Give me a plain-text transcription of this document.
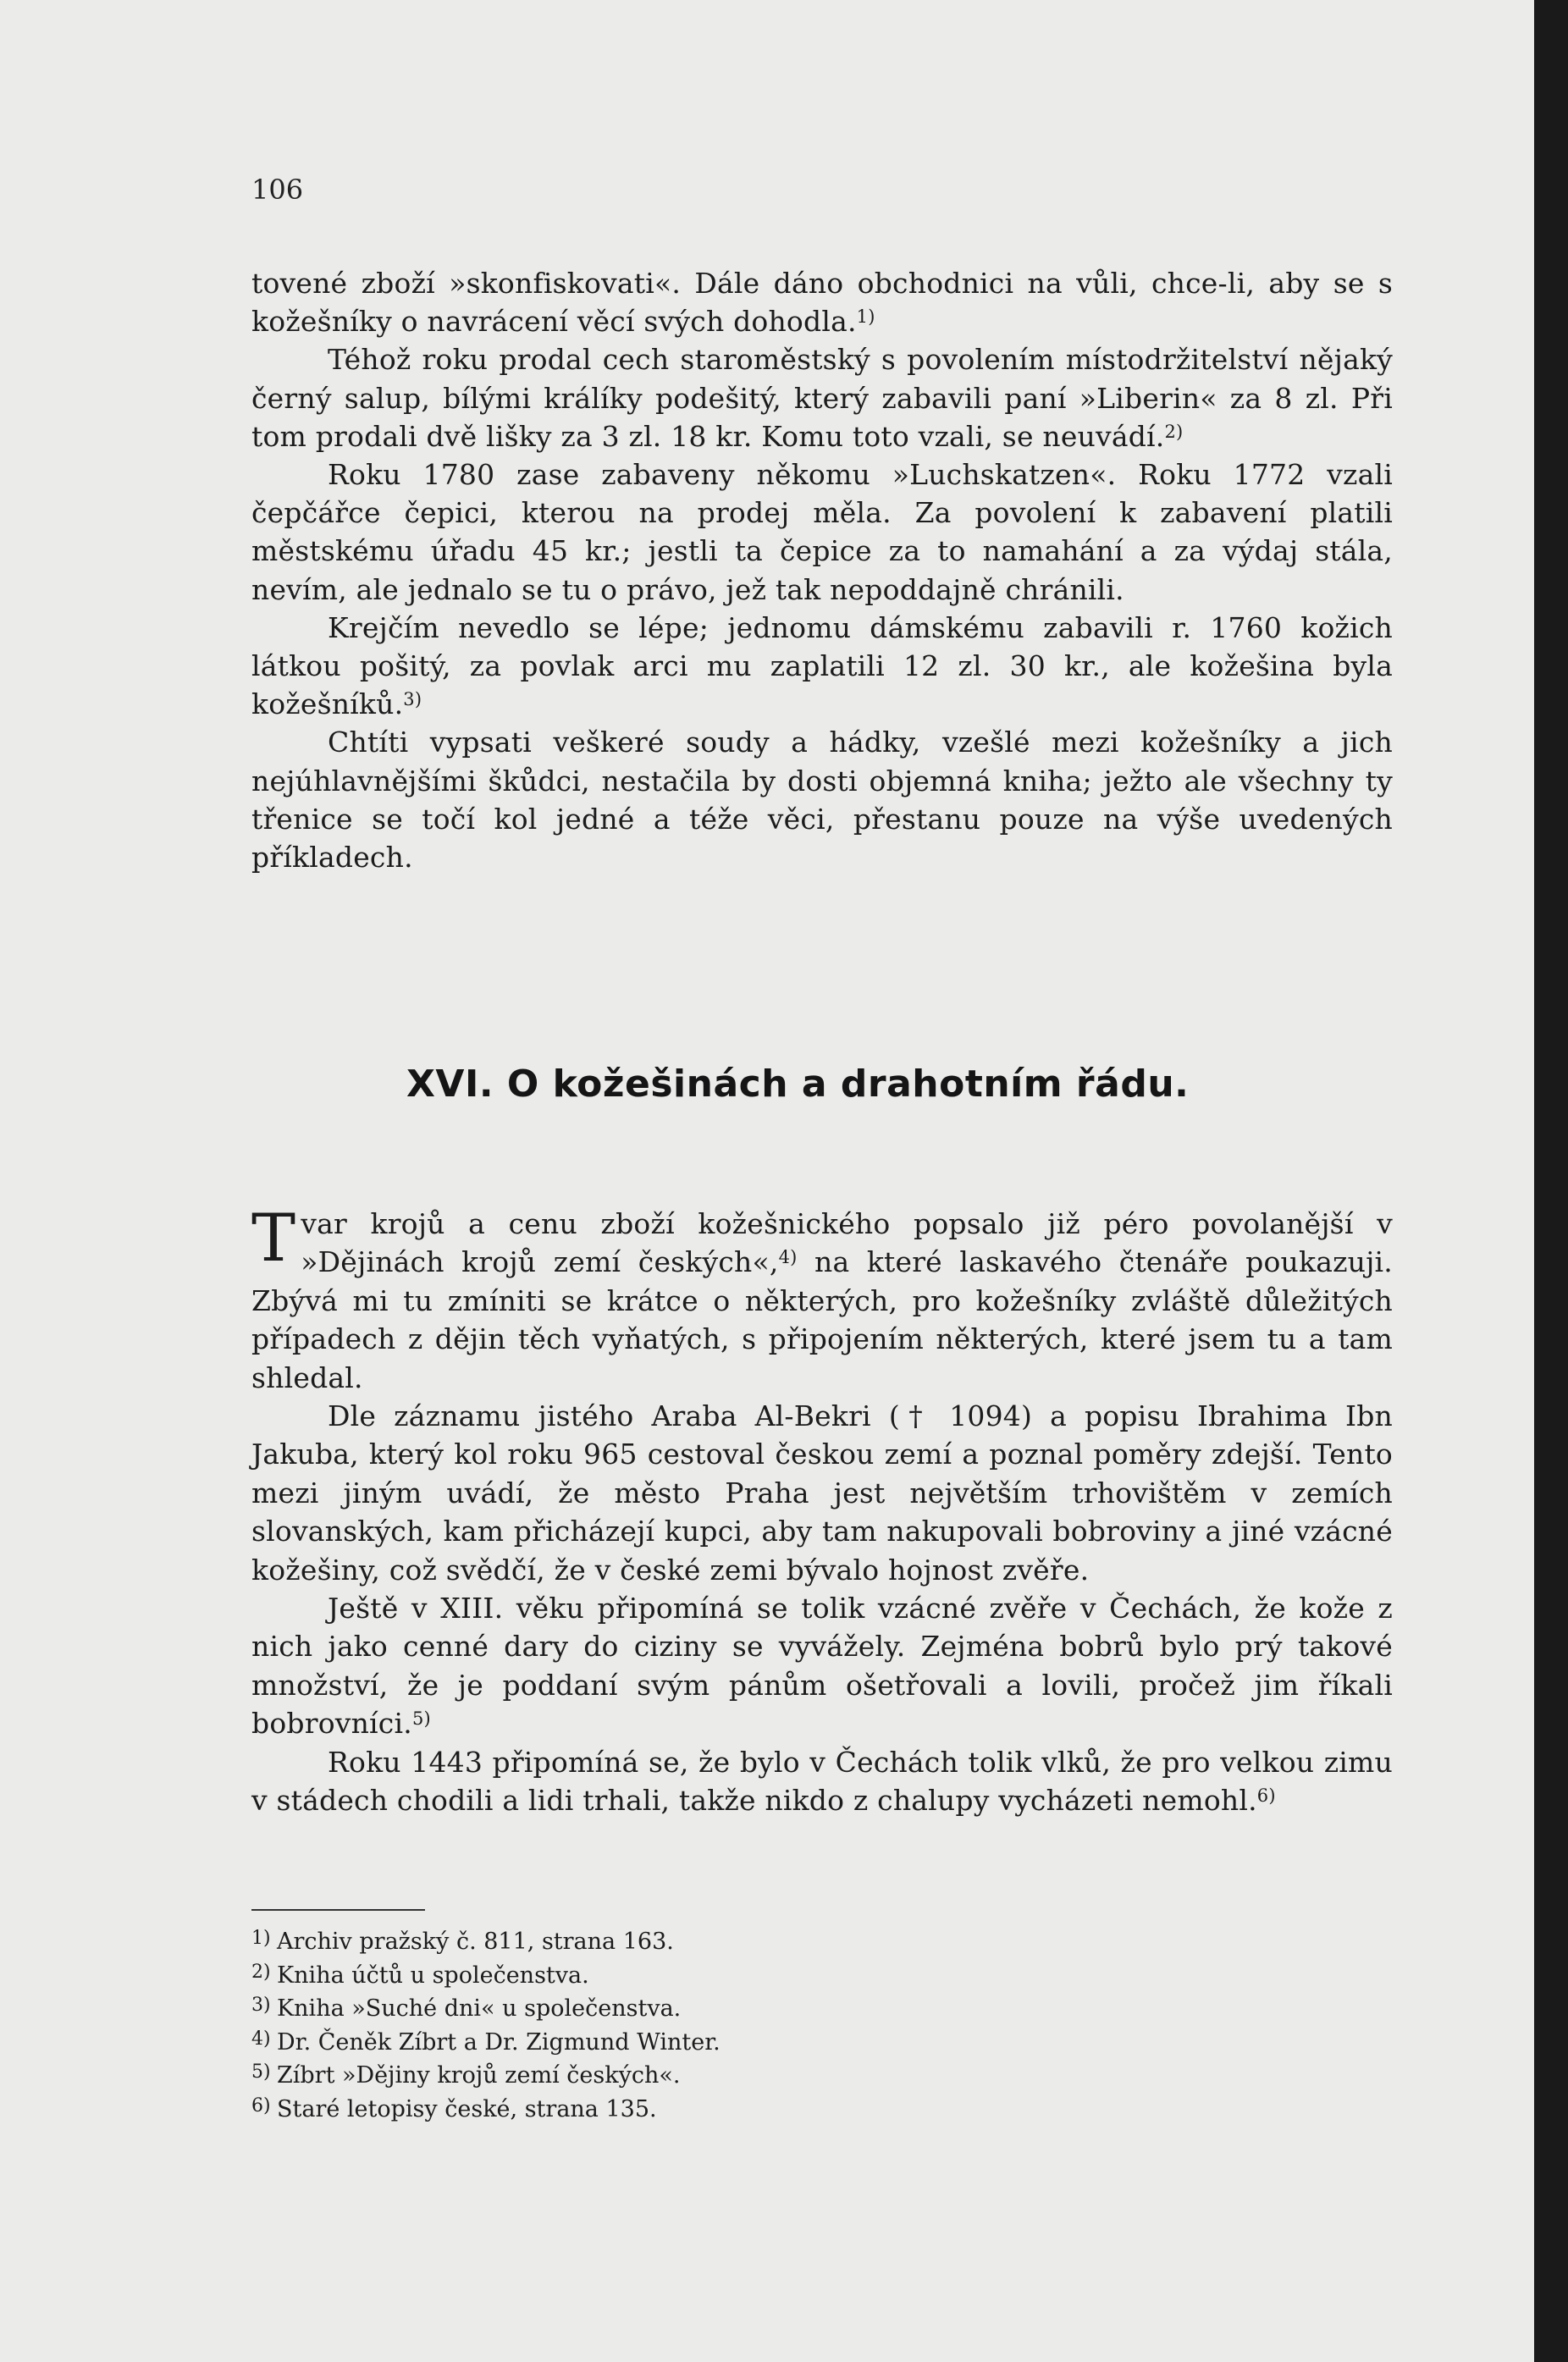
106

tovené zboží »skonfiskovati«. Dále dáno obchodnici na vůli, chce-li, aby se s kožešníky o navrácení věcí svých dohodla.$^{1)}$

Téhož roku prodal cech staroměstský s povolením místodržitelství nějaký černý salup, bílými králíky podešitý, který zabavili paní »Liberin« za 8 zl. Při tom prodali dvě lišky za 3 zl. 18 kr. Komu toto vzali, se neuvádí.$^{2)}$

Roku 1780 zase zabaveny někomu »Luchskatzen«. Roku 1772 vzali čepčářce čepici, kterou na prodej měla. Za povolení k zabavení platili městskému úřadu 45 kr.; jestli ta čepice za to namahání a za výdaj stála, nevím, ale jednalo se tu o právo, jež tak nepoddajně chránili.

Krejčím nevedlo se lépe; jednomu dámskému zabavili r. 1760 kožich látkou pošitý, za povlak arci mu zaplatili 12 zl. 30 kr., ale kožešina byla kožešníků.$^{3)}$

Chtíti vypsati veškeré soudy a hádky, vzešlé mezi kožešníky a jich nejúhlavnějšími škůdci, nestačila by dosti objemná kniha; ježto ale všechny ty třenice se točí kol jedné a téže věci, přestanu pouze na výše uvedených příkladech.

XVI. O kožešinách a drahotním řádu.

Tvar krojů a cenu zboží kožešnického popsalo již péro povolanější v »Dějinách krojů zemí českých«,$^{4)}$ na které laskavého čtenáře poukazuji. Zbývá mi tu zmíniti se krátce o některých, pro kožešníky zvláště důležitých případech z dějin těch vyňatých, s připojením některých, které jsem tu a tam shledal.

Dle záznamu jistého Araba Al-Bekri († 1094) a popisu Ibrahima Ibn Jakuba, který kol roku 965 cestoval českou zemí a poznal poměry zdejší. Tento mezi jiným uvádí, že město Praha jest největším trhovištěm v zemích slovanských, kam přicházejí kupci, aby tam nakupovali bobroviny a jiné vzácné kožešiny, což svědčí, že v české zemi bývalo hojnost zvěře.

Ještě v XIII. věku připomíná se tolik vzácné zvěře v Čechách, že kože z nich jako cenné dary do ciziny se vyvážely. Zejména bobrů bylo prý takové množství, že je poddaní svým pánům ošetřovali a lovili, pročež jim říkali bobrovníci.$^{5)}$

Roku 1443 připomíná se, že bylo v Čechách tolik vlků, že pro velkou zimu v stádech chodili a lidi trhali, takže nikdo z chalupy vycházeti nemohl.$^{6)}$

1) Archiv pražský č. 811, strana 163.
2) Kniha účtů u společenstva.
3) Kniha »Suché dni« u společenstva.
4) Dr. Čeněk Zíbrt a Dr. Zigmund Winter.
5) Zíbrt »Dějiny krojů zemí českých«.
6) Staré letopisy české, strana 135.
